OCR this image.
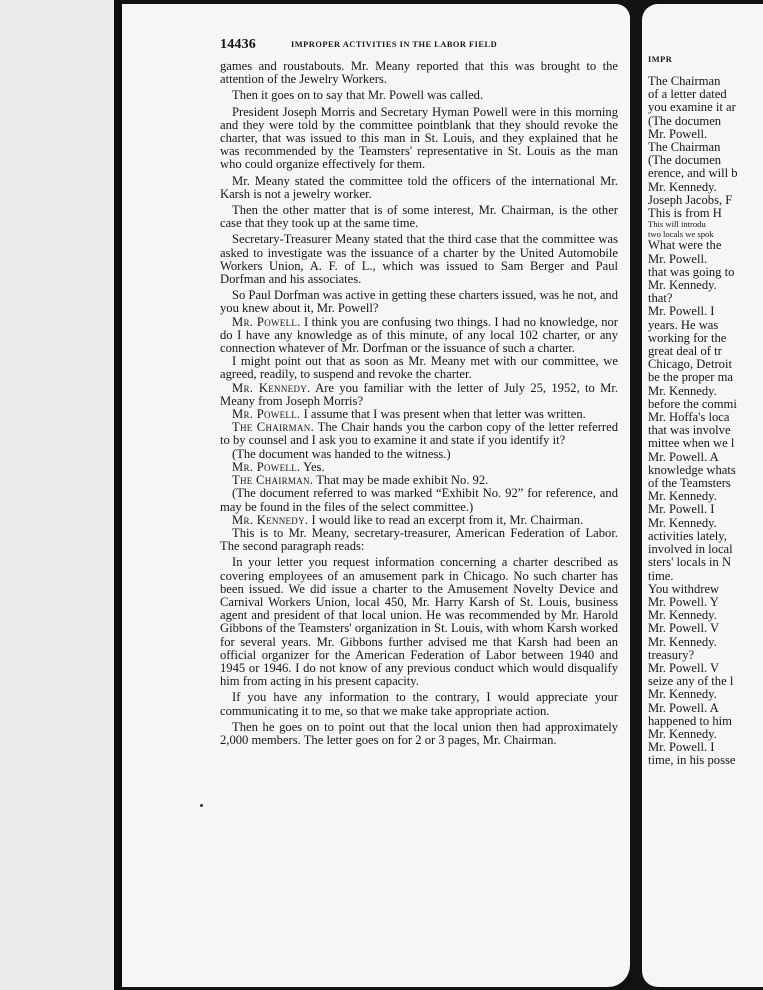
14436	IMPROPER ACTIVITIES IN THE LABOR FIELD

games and roustabouts. Mr. Meany reported that this was brought to the attention of the Jewelry Workers.

Then it goes on to say that Mr. Powell was called.

President Joseph Morris and Secretary Hyman Powell were in this morning and they were told by the committee pointblank that they should revoke the charter, that was issued to this man in St. Louis, and they explained that he was recommended by the Teamsters' representative in St. Louis as the man who could organize effectively for them.

Mr. Meany stated the committee told the officers of the international Mr. Karsh is not a jewelry worker.

Then the other matter that is of some interest, Mr. Chairman, is the other case that they took up at the same time.

Secretary-Treasurer Meany stated that the third case that the committee was asked to investigate was the issuance of a charter by the United Automobile Workers Union, A. F. of L., which was issued to Sam Berger and Paul Dorfman and his associates.

So Paul Dorfman was active in getting these charters issued, was he not, and you knew about it, Mr. Powell?

Mr. Powell. I think you are confusing two things. I had no knowledge, nor do I have any knowledge as of this minute, of any local 102 charter, or any connection whatever of Mr. Dorfman or the issuance of such a charter.

I might point out that as soon as Mr. Meany met with our committee, we agreed, readily, to suspend and revoke the charter.

Mr. Kennedy. Are you familiar with the letter of July 25, 1952, to Mr. Meany from Joseph Morris?

Mr. Powell. I assume that I was present when that letter was written.

The Chairman. The Chair hands you the carbon copy of the letter referred to by counsel and I ask you to examine it and state if you identify it?

(The document was handed to the witness.)

Mr. Powell. Yes.

The Chairman. That may be made exhibit No. 92.

(The document referred to was marked “Exhibit No. 92” for reference, and may be found in the files of the select committee.)

Mr. Kennedy. I would like to read an excerpt from it, Mr. Chairman.

This is to Mr. Meany, secretary-treasurer, American Federation of Labor. The second paragraph reads:

In your letter you request information concerning a charter described as covering employees of an amusement park in Chicago. No such charter has been issued. We did issue a charter to the Amusement Novelty Device and Carnival Workers Union, local 450, Mr. Harry Karsh of St. Louis, business agent and president of that local union. He was recommended by Mr. Harold Gibbons of the Teamsters' organization in St. Louis, with whom Karsh worked for several years. Mr. Gibbons further advised me that Karsh had been an official organizer for the American Federation of Labor between 1940 and 1945 or 1946. I do not know of any previous conduct which would disqualify him from acting in his present capacity.

If you have any information to the contrary, I would appreciate your communicating it to me, so that we make take appropriate action.

Then he goes on to point out that the local union then had approximately 2,000 members. The letter goes on for 2 or 3 pages, Mr. Chairman.

IMPR

The Chairman

of a letter dated

you examine it ar

(The documen

Mr. Powell.

The Chairman

(The documen

erence, and will b

Mr. Kennedy.

Joseph Jacobs, F

This is from H

This will introdu

two locals we spok

What were the

Mr. Powell.

that was going to

Mr. Kennedy.

that?

Mr. Powell. I

years. He was

working for the

great deal of tr

Chicago, Detroit

be the proper ma

Mr. Kennedy.

before the commi

Mr. Hoffa's loca

that was involve

mittee when we l

Mr. Powell. A

knowledge whats

of the Teamsters

Mr. Kennedy.

Mr. Powell. I

Mr. Kennedy.

activities lately,

involved in local

sters' locals in N

time.

You withdrew

Mr. Powell. Y

Mr. Kennedy.

Mr. Powell. V

Mr. Kennedy.

treasury?

Mr. Powell. V

seize any of the l

Mr. Kennedy.

Mr. Powell. A

happened to him

Mr. Kennedy.

Mr. Powell. I

time, in his posse
